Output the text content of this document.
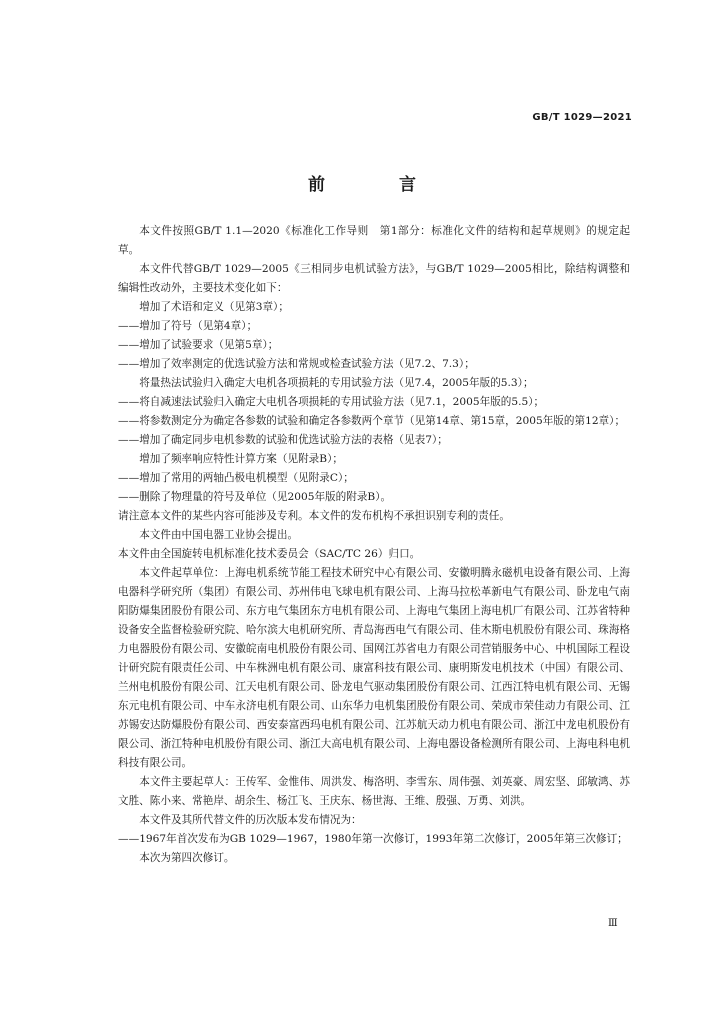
GB/T 1029—2021
前 言

本文件按照GB/T 1.1—2020《标准化工作导则　第1部分：标准化文件的结构和起草规则》的规定起草。

本文件代替GB/T 1029—2005《三相同步电机试验方法》，与GB/T 1029—2005相比，除结构调整和编辑性改动外，主要技术变化如下：

增加了术语和定义（见第3章）；

——增加了符号（见第4章）；

——增加了试验要求（见第5章）；

——增加了效率测定的优选试验方法和常规或检查试验方法（见7.2、7.3）；

将量热法试验归入确定大电机各项损耗的专用试验方法（见7.4，2005年版的5.3）；

——将自减速法试验归入确定大电机各项损耗的专用试验方法（见7.1，2005年版的5.5）；

——将参数测定分为确定各参数的试验和确定各参数两个章节（见第14章、第15章，2005年版的第12章）；

——增加了确定同步电机参数的试验和优选试验方法的表格（见表7）；

增加了频率响应特性计算方案（见附录B）；

——增加了常用的两轴凸极电机模型（见附录C）；

——删除了物理量的符号及单位（见2005年版的附录B）。

请注意本文件的某些内容可能涉及专利。本文件的发布机构不承担识别专利的责任。

本文件由中国电器工业协会提出。

本文件由全国旋转电机标准化技术委员会（SAC/TC 26）归口。

本文件起草单位：上海电机系统节能工程技术研究中心有限公司、安徽明腾永磁机电设备有限公司、上海电器科学研究所（集团）有限公司、苏州伟电飞球电机有限公司、上海马拉松革新电气有限公司、卧龙电气南阳防爆集团股份有限公司、东方电气集团东方电机有限公司、上海电气集团上海电机厂有限公司、江苏省特种设备安全监督检验研究院、哈尔滨大电机研究所、青岛海西电气有限公司、佳木斯电机股份有限公司、珠海格力电器股份有限公司、安徽皖南电机股份有限公司、国网江苏省电力有限公司营销服务中心、中机国际工程设计研究院有限责任公司、中车株洲电机有限公司、康富科技有限公司、康明斯发电机技术（中国）有限公司、兰州电机股份有限公司、江天电机有限公司、卧龙电气驱动集团股份有限公司、江西江特电机有限公司、无锡东元电机有限公司、中车永济电机有限公司、山东华力电机集团股份有限公司、荣成市荣佳动力有限公司、江苏锡安达防爆股份有限公司、西安泰富西玛电机有限公司、江苏航天动力机电有限公司、浙江中龙电机股份有限公司、浙江特种电机股份有限公司、浙江大高电机有限公司、上海电器设备检测所有限公司、上海电科电机科技有限公司。

本文件主要起草人：王传军、金惟伟、周洪发、梅洛明、李雪东、周伟强、刘英豪、周宏坚、邱敏鸿、苏文胜、陈小来、常艳岸、胡余生、杨江飞、王庆东、杨世海、王维、殷强、万勇、刘洪。

本文件及其所代替文件的历次版本发布情况为：

——1967年首次发布为GB 1029—1967，1980年第一次修订，1993年第二次修订，2005年第三次修订；

本次为第四次修订。

Ⅲ
